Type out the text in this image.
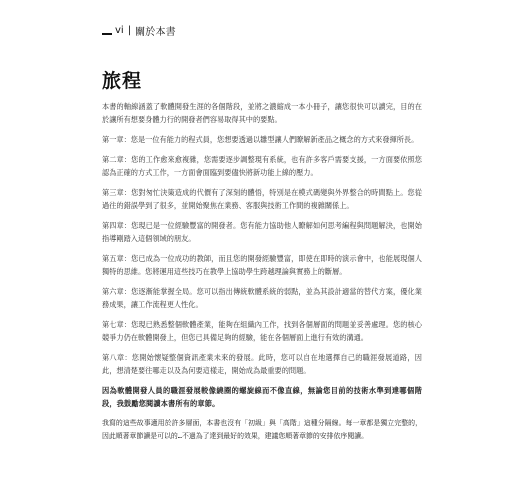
vi | 關於本書
旅程

本書的軸線涵蓋了軟體開發生涯的各個階段，並將之濃縮成一本小冊子，讓您很快可以讀完，目的在於讓所有想要身體力行的開發者們容易取得其中的要點。

第一章：您是一位有能力的程式員，您想要透過以雛型讓人們瞭解新產品之概念的方式來發揮所長。

第二章：您的工作愈來愈複雜，您需要逐步調整現有系統，也有許多客戶需要支援，一方面要依照您認為正確的方式工作，一方面會面臨到要儘快將新功能上線的壓力。

第三章：您對匆忙決策造成的代價有了深刻的體悟，特別是在模式碼變與外界整合的時間點上。您從過往的錯誤學到了很多，並開始聚焦在業務、客服與技術工作間的複雜關係上。

第四章：您現已是一位經驗豐富的開發者。您有能力協助他人瞭解如何思考編程與問題解決，也開始指導剛踏入這個領域的朋友。

第五章：您已成為一位成功的教師，而且您的開發經驗豐富，即使在即時的演示會中，也能展現個人獨特的思維。您將運用這些技巧在教學上協助學生跨越理論與實務上的斷層。

第六章：您逐漸能掌握全局。您可以指出傳統軟體系統的弱點，並為其設計適當的替代方案，優化業務成果，讓工作流程更人性化。

第七章：您現已熟悉整個軟體產業，能夠在組織內工作，找到各個層面的問題並妥善處理。您的核心競爭力仍在軟體開發上，但您已具備足夠的經驗，能在各個層面上進行有效的溝通。

第八章：您開始懷疑整個資訊產業未來的發展。此時，您可以自在地選擇自己的職涯發展道路，因此，想清楚要往哪走以及為何要這樣走，開始成為最重要的問題。

因為軟體開發人員的職涯發展較像繞圈的螺旋線而不像直線，無論您目前的技術水準到達哪個階段，我鼓勵您閱讀本書所有的章節。

我寫的這些故事適用於許多層面，本書也沒有「初級」與「高階」這種分隔線。每一章都是獨立完整的，因此順著章節讀是可以的…不過為了達到最好的效果，建議您順著章節的安排依序閱讀。
